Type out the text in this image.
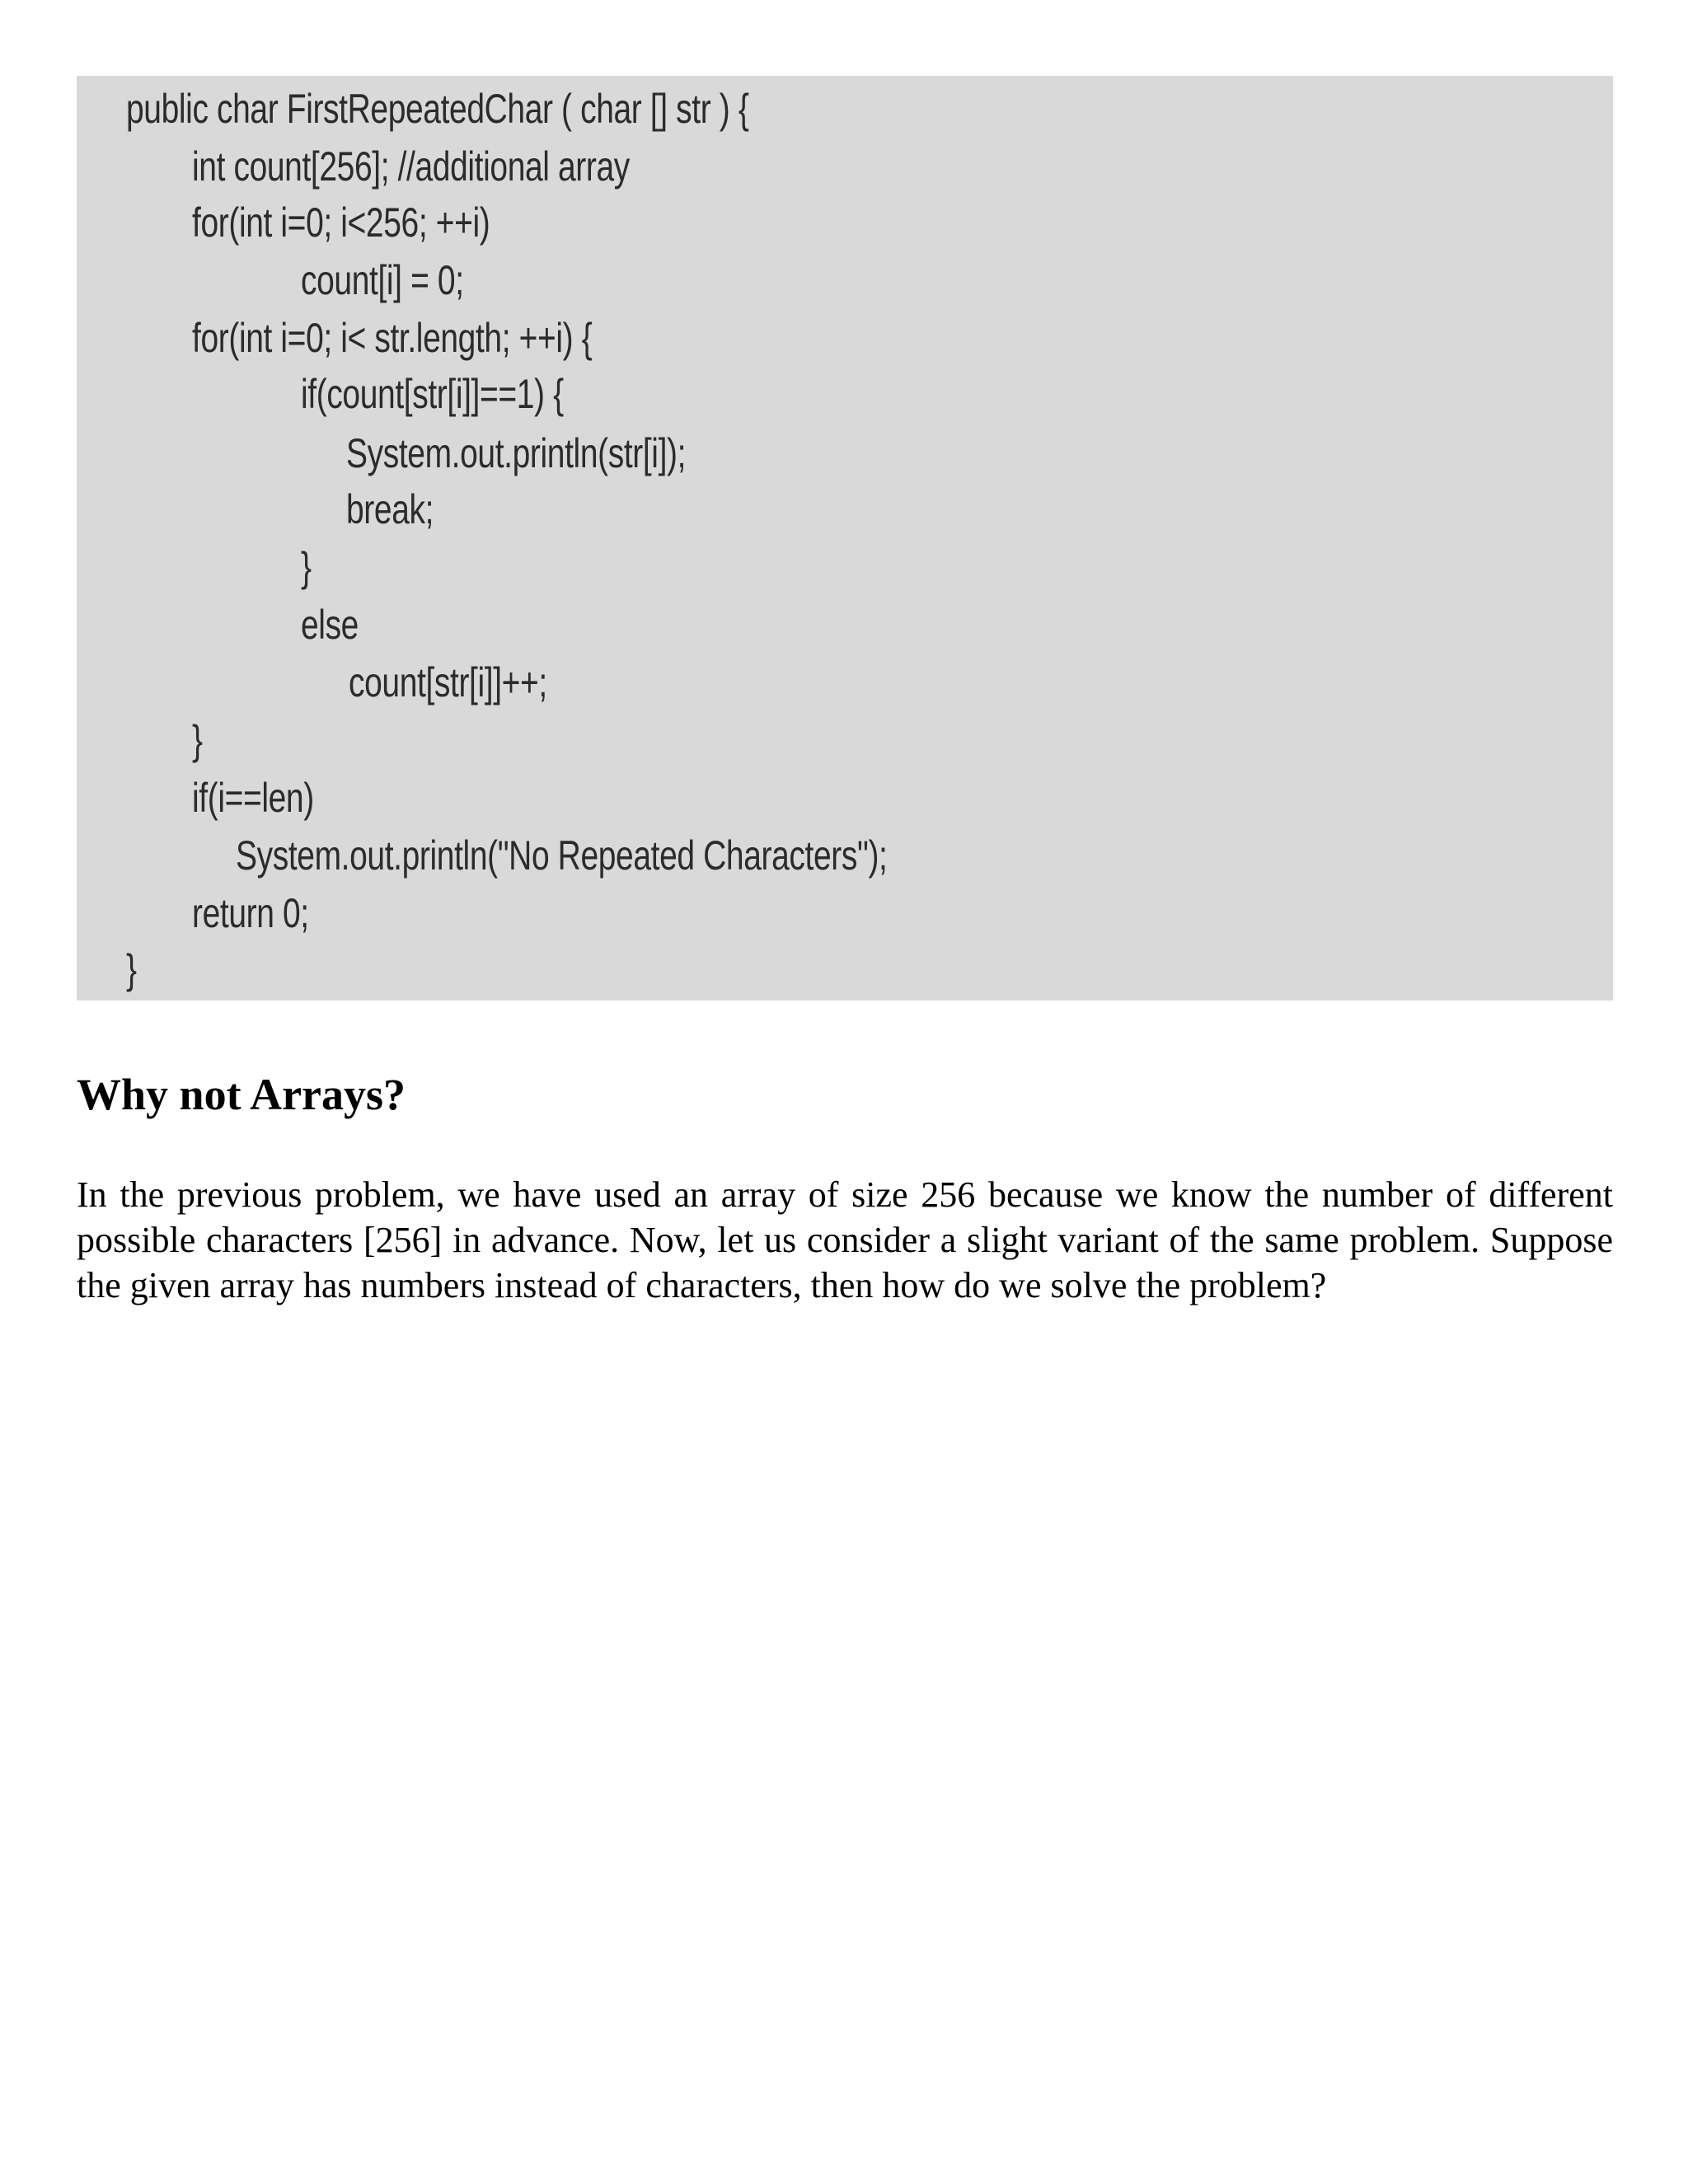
public char FirstRepeatedChar ( char [] str ) {
int count[256]; //additional array
for(int i=0; i<256; ++i)
count[i] = 0;
for(int i=0; i< str.length; ++i) {
if(count[str[i]]==1) {
System.out.println(str[i]);
break;
}
else
count[str[i]]++;
}
if(i==len)
System.out.println("No Repeated Characters");
return 0;
}
Why not Arrays?

In the previous problem, we have used an array of size 256 because we know the number of different possible characters [256] in advance. Now, let us consider a slight variant of the same problem. Suppose the given array has numbers instead of characters, then how do we solve the problem?
